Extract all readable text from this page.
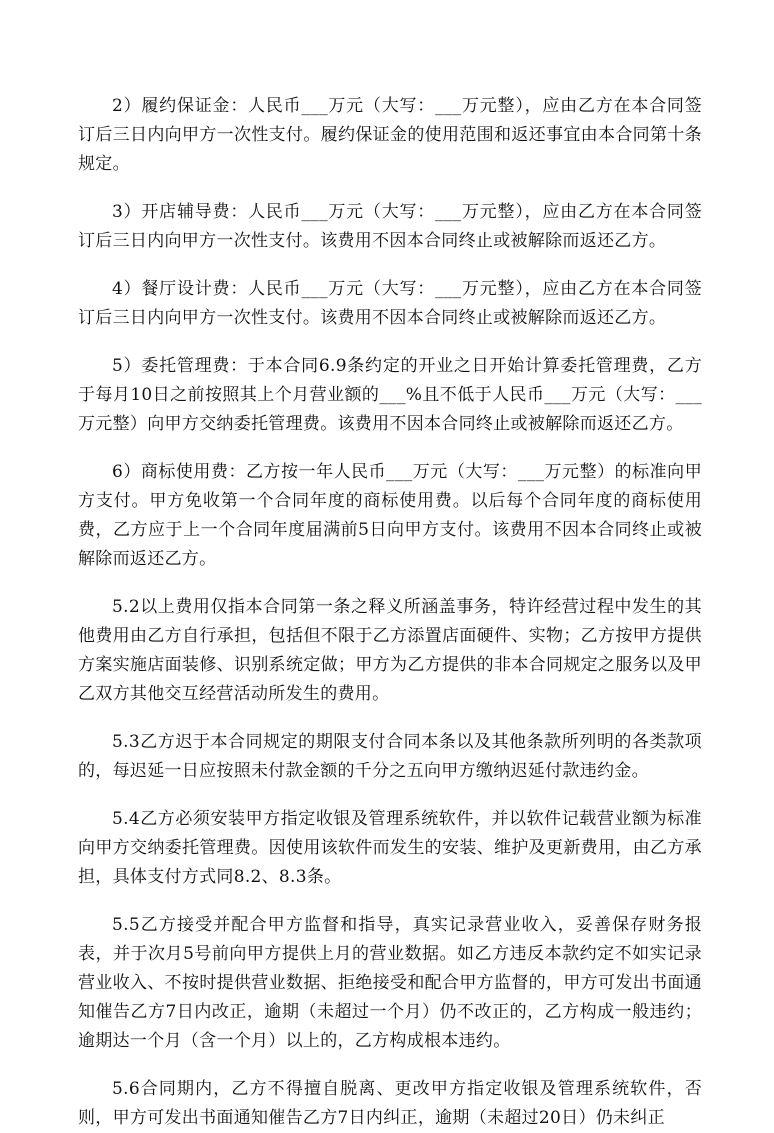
2）履约保证金：人民币___万元（大写：___万元整），应由乙方在本合同签订后三日内向甲方一次性支付。履约保证金的使用范围和返还事宜由本合同第十条规定。

3）开店辅导费：人民币___万元（大写：___万元整），应由乙方在本合同签订后三日内向甲方一次性支付。该费用不因本合同终止或被解除而返还乙方。

4）餐厅设计费：人民币___万元（大写：___万元整），应由乙方在本合同签订后三日内向甲方一次性支付。该费用不因本合同终止或被解除而返还乙方。

5）委托管理费：于本合同6.9条约定的开业之日开始计算委托管理费，乙方于每月10日之前按照其上个月营业额的___%且不低于人民币___万元（大写：___万元整）向甲方交纳委托管理费。该费用不因本合同终止或被解除而返还乙方。

6）商标使用费：乙方按一年人民币___万元（大写：___万元整）的标准向甲方支付。甲方免收第一个合同年度的商标使用费。以后每个合同年度的商标使用费，乙方应于上一个合同年度届满前5日向甲方支付。该费用不因本合同终止或被解除而返还乙方。

5.2以上费用仅指本合同第一条之释义所涵盖事务，特许经营过程中发生的其他费用由乙方自行承担，包括但不限于乙方添置店面硬件、实物；乙方按甲方提供方案实施店面装修、识别系统定做；甲方为乙方提供的非本合同规定之服务以及甲乙双方其他交互经营活动所发生的费用。

5.3乙方迟于本合同规定的期限支付合同本条以及其他条款所列明的各类款项的，每迟延一日应按照未付款金额的千分之五向甲方缴纳迟延付款违约金。

5.4乙方必须安装甲方指定收银及管理系统软件，并以软件记载营业额为标准向甲方交纳委托管理费。因使用该软件而发生的安装、维护及更新费用，由乙方承担，具体支付方式同8.2、8.3条。

5.5乙方接受并配合甲方监督和指导，真实记录营业收入，妥善保存财务报表，并于次月5号前向甲方提供上月的营业数据。如乙方违反本款约定不如实记录营业收入、不按时提供营业数据、拒绝接受和配合甲方监督的，甲方可发出书面通知催告乙方7日内改正，逾期（未超过一个月）仍不改正的，乙方构成一般违约；逾期达一个月（含一个月）以上的，乙方构成根本违约。

5.6合同期内，乙方不得擅自脱离、更改甲方指定收银及管理系统软件，否则，甲方可发出书面通知催告乙方7日内纠正，逾期（未超过20日）仍未纠正
